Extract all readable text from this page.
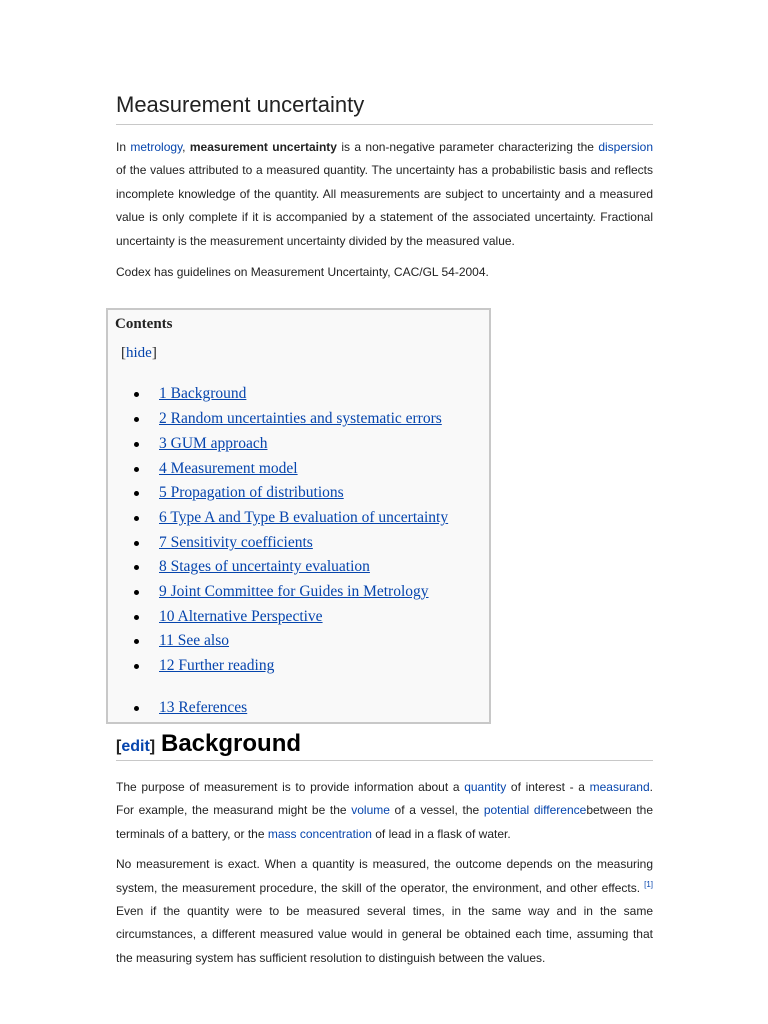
Measurement uncertainty

In metrology, measurement uncertainty is a non-negative parameter characterizing the dispersion of the values attributed to a measured quantity. The uncertainty has a probabilistic basis and reflects incomplete knowledge of the quantity. All measurements are subject to uncertainty and a measured value is only complete if it is accompanied by a statement of the associated uncertainty. Fractional uncertainty is the measurement uncertainty divided by the measured value.

Codex has guidelines on Measurement Uncertainty, CAC/GL 54-2004.

Contents
[hide]
1 Background
2 Random uncertainties and systematic errors
3 GUM approach
4 Measurement model
5 Propagation of distributions
6 Type A and Type B evaluation of uncertainty
7 Sensitivity coefficients
8 Stages of uncertainty evaluation
9 Joint Committee for Guides in Metrology
10 Alternative Perspective
11 See also
12 Further reading
13 References
[edit] Background

The purpose of measurement is to provide information about a quantity of interest - a measurand. For example, the measurand might be the volume of a vessel, the potential differencebetween the terminals of a battery, or the mass concentration of lead in a flask of water.

No measurement is exact. When a quantity is measured, the outcome depends on the measuring system, the measurement procedure, the skill of the operator, the environment, and other effects. [1] Even if the quantity were to be measured several times, in the same way and in the same circumstances, a different measured value would in general be obtained each time, assuming that the measuring system has sufficient resolution to distinguish between the values.
